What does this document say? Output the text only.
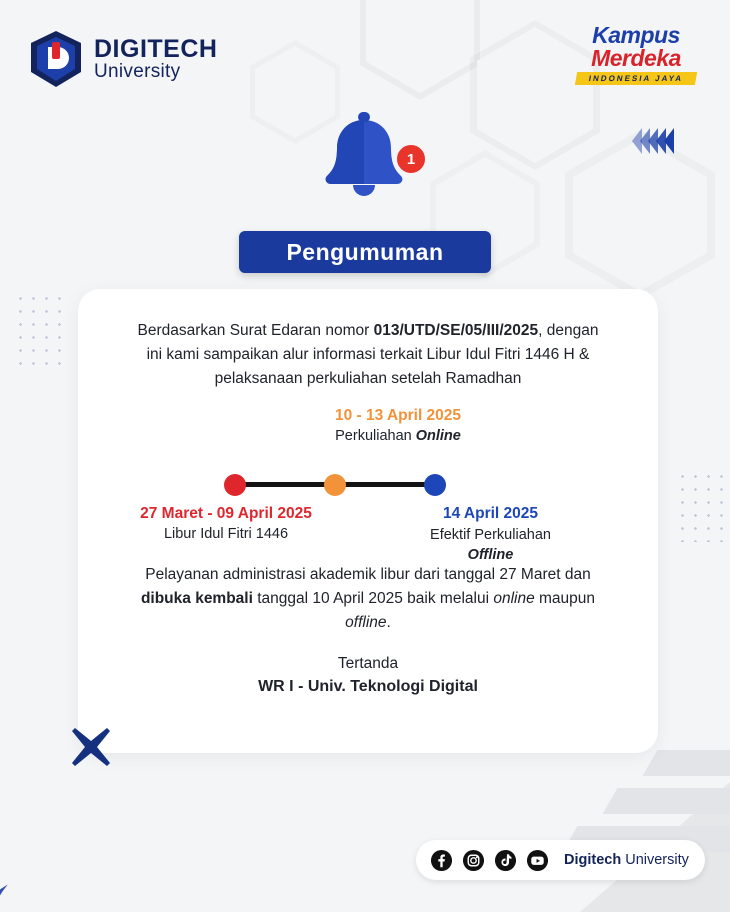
DIGITECH
University
Kampus
Merdeka
INDONESIA JAYA
1
Pengumuman

Berdasarkan Surat Edaran nomor 013/UTD/SE/05/III/2025, dengan ini kami sampaikan alur informasi terkait Libur Idul Fitri 1446 H & pelaksanaan perkuliahan setelah Ramadhan

10 - 13 April 2025
Perkuliahan Online
27 Maret - 09 April 2025
Libur Idul Fitri 1446
14 April 2025
Efektif Perkuliahan
Offline

Pelayanan administrasi akademik libur dari tanggal 27 Maret dan dibuka kembali tanggal 10 April 2025 baik melalui online maupun offline.

Tertanda
WR I - Univ. Teknologi Digital
Digitech University
